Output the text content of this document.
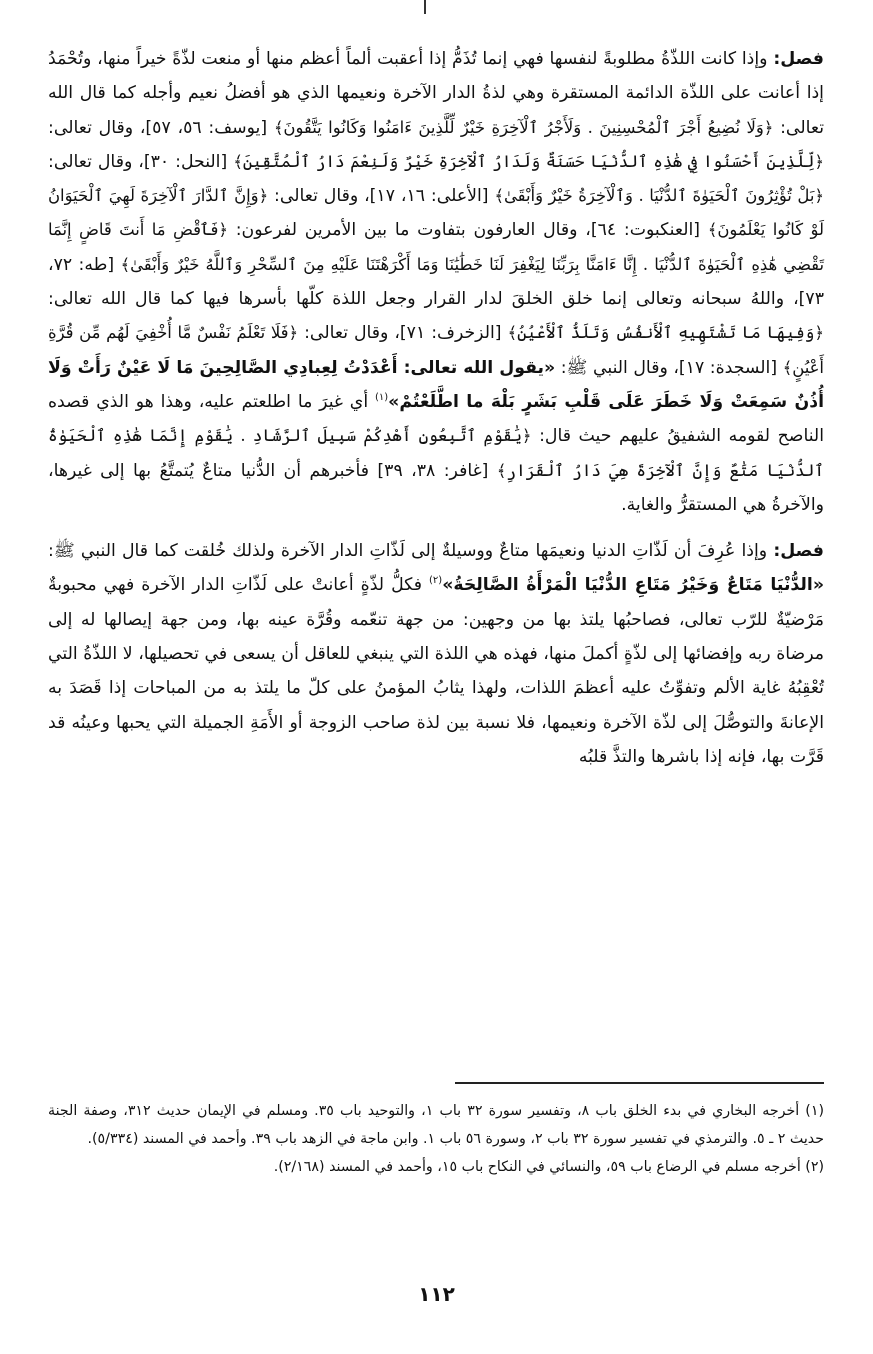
فصل: وإذا كانت اللذّةُ مطلوبةً لنفسها فهي إنما تُذَمُّ إذا أعقبت ألماً أعظم منها أو منعت لذّةً خيراً منها، وتُحْمَدُ إذا أعانت على اللذّة الدائمة المستقرة وهي لذةُ الدار الآخرة ونعيمها الذي هو أفضلُ نعيم وأجله كما قال الله تعالى: ﴿وَلَا نُضِيعُ أَجْرَ ٱلْمُحْسِنِينَ . وَلَأَجْرُ ٱلْآخِرَةِ خَيْرٌ لِّلَّذِينَ ءَامَنُوا وَكَانُوا يَتَّقُونَ﴾ [يوسف: ٥٦، ٥٧]، وقال تعالى: ﴿لِّلَّذِينَ أَحْسَنُوا فِي هَٰذِهِ ٱلدُّنْيَا حَسَنَةٌ وَلَدَارُ ٱلْآخِرَةِ خَيْرٌ وَلَنِعْمَ دَارُ ٱلْمُتَّقِينَ﴾ [النحل: ٣٠]، وقال تعالى: ﴿بَلْ تُؤْثِرُونَ ٱلْحَيَوٰةَ ٱلدُّنْيَا . وَٱلْآخِرَةُ خَيْرٌ وَأَبْقَىٰ﴾ [الأعلى: ١٦، ١٧]، وقال تعالى: ﴿وَإِنَّ ٱلدَّارَ ٱلْآخِرَةَ لَهِيَ ٱلْحَيَوَانُ لَوْ كَانُوا يَعْلَمُونَ﴾ [العنكبوت: ٦٤]، وقال العارفون بتفاوت ما بين الأمرين لفرعون: ﴿فَٱقْضِ مَا أَنتَ قَاضٍ إِنَّمَا تَقْضِي هَٰذِهِ ٱلْحَيَوٰةَ ٱلدُّنْيَا . إِنَّا ءَامَنَّا بِرَبِّنَا لِيَغْفِرَ لَنَا خَطَٰيَٰنَا وَمَا أَكْرَهْتَنَا عَلَيْهِ مِنَ ٱلسِّحْرِ وَٱللَّهُ خَيْرٌ وَأَبْقَىٰ﴾ [طه: ٧٢، ٧٣]، واللهُ سبحانه وتعالى إنما خلق الخلقَ لدار القرار وجعل اللذة كلّها بأسرها فيها كما قال الله تعالى: ﴿وَفِيهَا مَا تَشْتَهِيهِ ٱلْأَنفُسُ وَتَلَذُّ ٱلْأَعْيُنُ﴾ [الزخرف: ٧١]، وقال تعالى: ﴿فَلَا تَعْلَمُ نَفْسٌ مَّا أُخْفِيَ لَهُم مِّن قُرَّةِ أَعْيُنٍ﴾ [السجدة: ١٧]، وقال النبي ﷺ: «يقول الله تعالى: أَعْدَدْتُ لِعِبادِي الصَّالِحِينَ مَا لَا عَيْنٌ رَأَتْ وَلَا أُذُنٌ سَمِعَتْ وَلَا خَطَرَ عَلَى قَلْبِ بَشَرٍ بَلْهَ ما اطَّلَعْتُمْ»$^{(١)}$ أي غيرَ ما اطلعتم عليه، وهذا هو الذي قصده الناصح لقومه الشفيقُ عليهم حيث قال: ﴿يَٰقَوْمِ ٱتَّبِعُونِ أَهْدِكُمْ سَبِيلَ ٱلرَّشَادِ . يَٰقَوْمِ إِنَّمَا هَٰذِهِ ٱلْحَيَوٰةُ ٱلدُّنْيَا مَتَٰعٌ وَإِنَّ ٱلْآخِرَةَ هِيَ دَارُ ٱلْقَرَارِ﴾ [غافر: ٣٨، ٣٩] فأخبرهم أن الدُّنيا متاعٌ يُتمتَّعُ بها إلى غيرها، والآخرةُ هي المستقرُّ والغاية.

فصل: وإذا عُرِفَ أن لَذّاتِ الدنيا ونعيمَها متاعٌ ووسيلةٌ إلى لَذّاتِ الدار الآخرة ولذلك خُلقت كما قال النبي ﷺ: «الدُّنْيَا مَتَاعٌ وَخَيْرُ مَتَاعِ الدُّنْيَا الْمَرْأَةُ الصَّالِحَةُ»$^{(٢)}$ فكلُّ لذّةٍ أعانتْ على لَذّاتِ الدار الآخرة فهي محبوبةٌ مَرْضيّةٌ للرّب تعالى، فصاحبُها يلتذ بها من وجهين: من جهة تنعّمه وقُرَّة عينه بها، ومن جهة إيصالها له إلى مرضاة ربه وإفضائها إلى لذّةٍ أكملَ منها، فهذه هي اللذة التي ينبغي للعاقل أن يسعى في تحصيلها، لا اللذّةُ التي تُعْقِبُهُ غاية الألم وتفوِّتُ عليه أعظمَ اللذات، ولهذا يثابُ المؤمنُ على كلّ ما يلتذ به من المباحات إذا قَصَدَ به الإعانةَ والتوصُّلَ إلى لذّة الآخرة ونعيمها، فلا نسبة بين لذة صاحب الزوجة أو الأَمَةِ الجميلة التي يحبها وعينُه قد قَرَّت بها، فإنه إذا باشرها والتذَّ قلبُه

(١) أخرجه البخاري في بدء الخلق باب ٨، وتفسير سورة ٣٢ باب ١، والتوحيد باب ٣٥. ومسلم في الإيمان حديث ٣١٢، وصفة الجنة حديث ٢ ـ ٥. والترمذي في تفسير سورة ٣٢ باب ٢، وسورة ٥٦ باب ١. وابن ماجة في الزهد باب ٣٩. وأحمد في المسند (٥/٣٣٤).

(٢) أخرجه مسلم في الرضاع باب ٥٩، والنسائي في النكاح باب ١٥، وأحمد في المسند (٢/١٦٨).

١١٢
